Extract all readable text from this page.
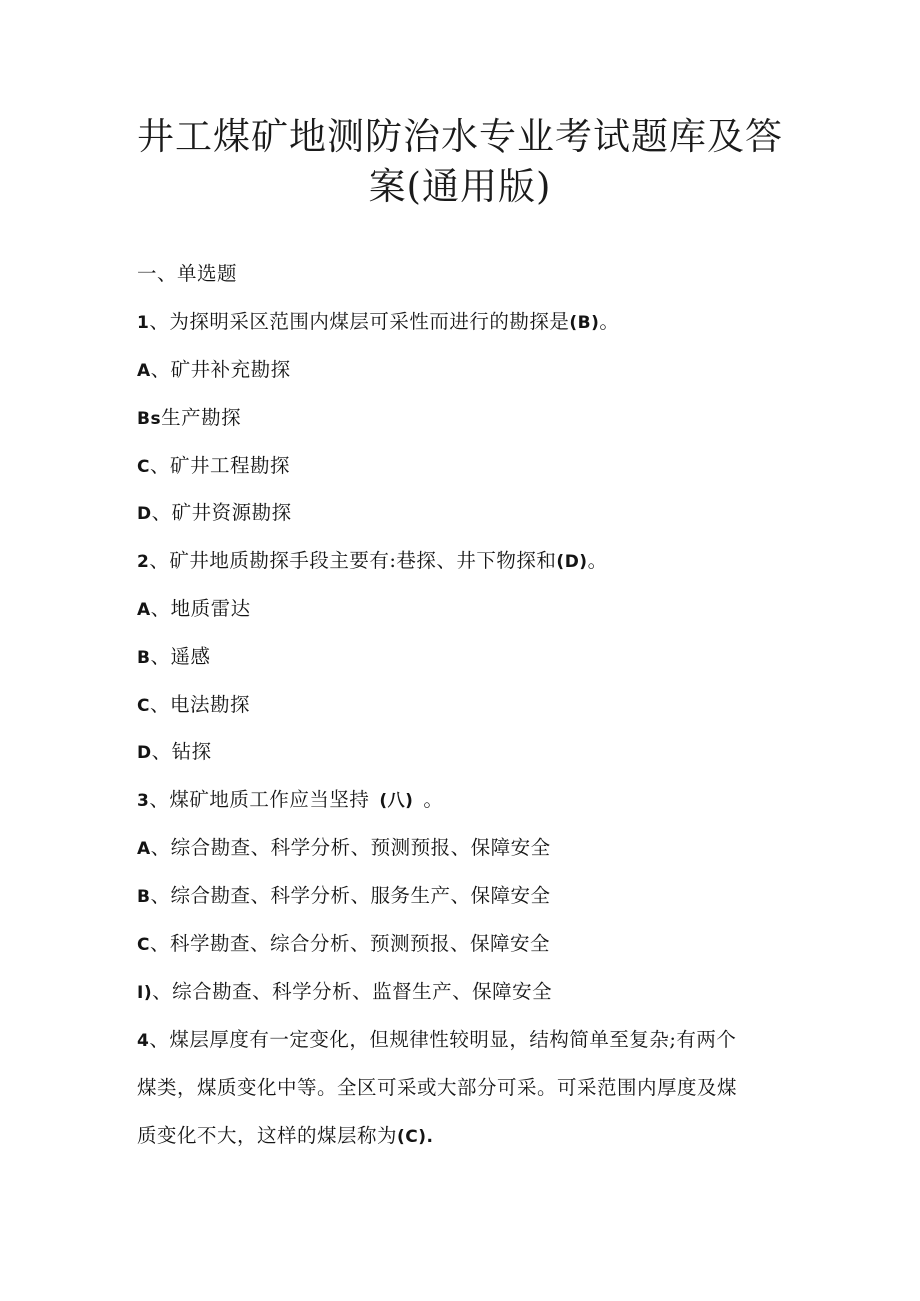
井工煤矿地测防治水专业考试题库及答
案(通用版)
一、单选题
1、为探明采区范围内煤层可采性而进行的勘探是(B)。
A、矿井补充勘探
Bs生产勘探
C、矿井工程勘探
D、矿井资源勘探
2、矿井地质勘探手段主要有:巷探、井下物探和(D)。
A、地质雷达
B、遥感
C、电法勘探
D、钻探
3、煤矿地质工作应当坚持 (八) 。
A、综合勘查、科学分析、预测预报、保障安全
B、综合勘查、科学分析、服务生产、保障安全
C、科学勘查、综合分析、预测预报、保障安全
I)、综合勘查、科学分析、监督生产、保障安全
4、煤层厚度有一定变化，但规律性较明显，结构简单至复杂;有两个
煤类，煤质变化中等。全区可采或大部分可采。可采范围内厚度及煤
质变化不大，这样的煤层称为(C).
